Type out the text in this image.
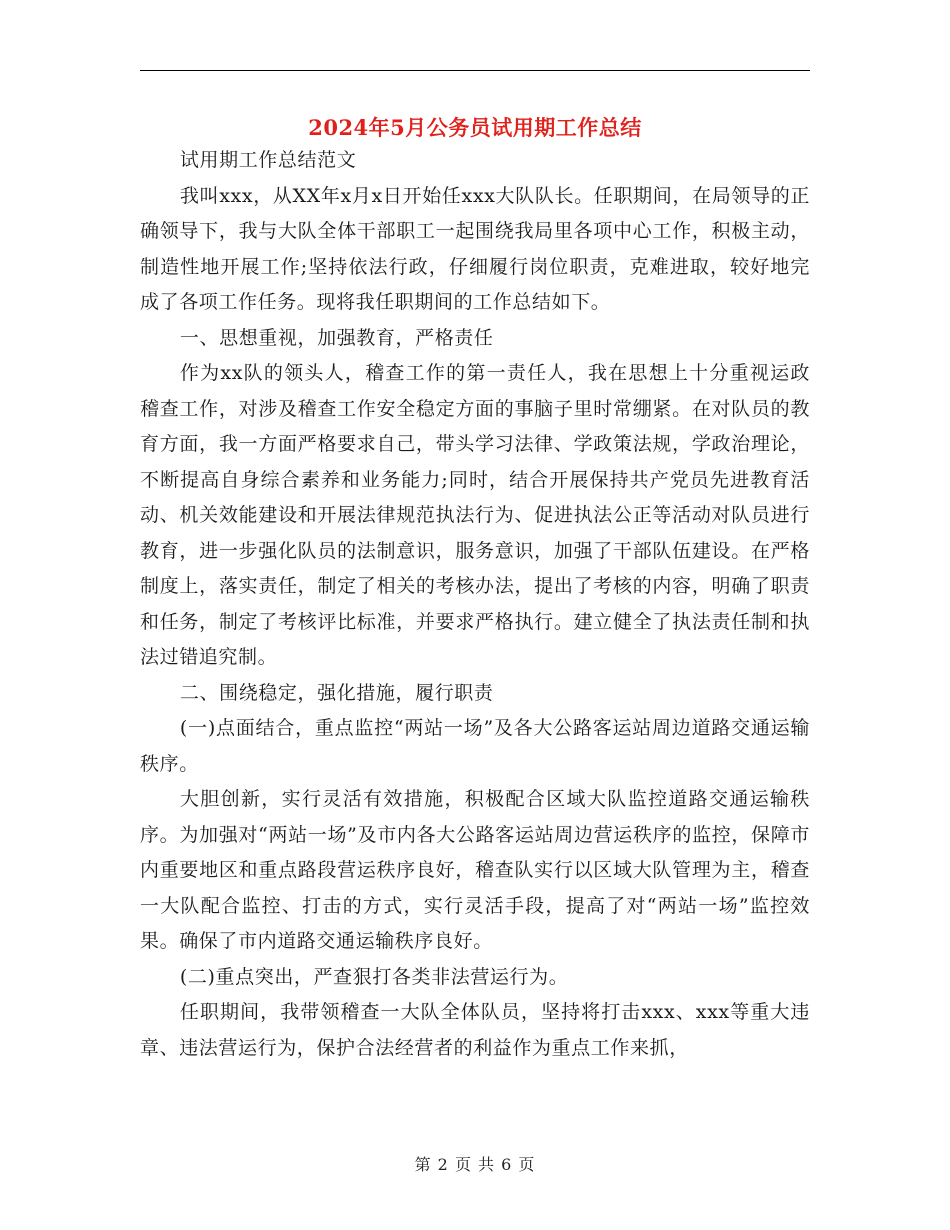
2024年5月公务员试用期工作总结

试用期工作总结范文

我叫xxx，从XX年x月x日开始任xxx大队队长。任职期间，在局领导的正确领导下，我与大队全体干部职工一起围绕我局里各项中心工作，积极主动，制造性地开展工作;坚持依法行政，仔细履行岗位职责，克难进取，较好地完成了各项工作任务。现将我任职期间的工作总结如下。

一、思想重视，加强教育，严格责任

作为xx队的领头人，稽查工作的第一责任人，我在思想上十分重视运政稽查工作，对涉及稽查工作安全稳定方面的事脑子里时常绷紧。在对队员的教育方面，我一方面严格要求自己，带头学习法律、学政策法规，学政治理论，不断提高自身综合素养和业务能力;同时，结合开展保持共产党员先进教育活动、机关效能建设和开展法律规范执法行为、促进执法公正等活动对队员进行教育，进一步强化队员的法制意识，服务意识，加强了干部队伍建设。在严格制度上，落实责任，制定了相关的考核办法，提出了考核的内容，明确了职责和任务，制定了考核评比标准，并要求严格执行。建立健全了执法责任制和执法过错追究制。

二、围绕稳定，强化措施，履行职责

(一)点面结合，重点监控“两站一场”及各大公路客运站周边道路交通运输秩序。

大胆创新，实行灵活有效措施，积极配合区域大队监控道路交通运输秩序。为加强对“两站一场”及市内各大公路客运站周边营运秩序的监控，保障市内重要地区和重点路段营运秩序良好，稽查队实行以区域大队管理为主，稽查一大队配合监控、打击的方式，实行灵活手段，提高了对“两站一场”监控效果。确保了市内道路交通运输秩序良好。

(二)重点突出，严查狠打各类非法营运行为。

任职期间，我带领稽查一大队全体队员，坚持将打击xxx、xxx等重大违章、违法营运行为，保护合法经营者的利益作为重点工作来抓，

第 2 页 共 6 页
